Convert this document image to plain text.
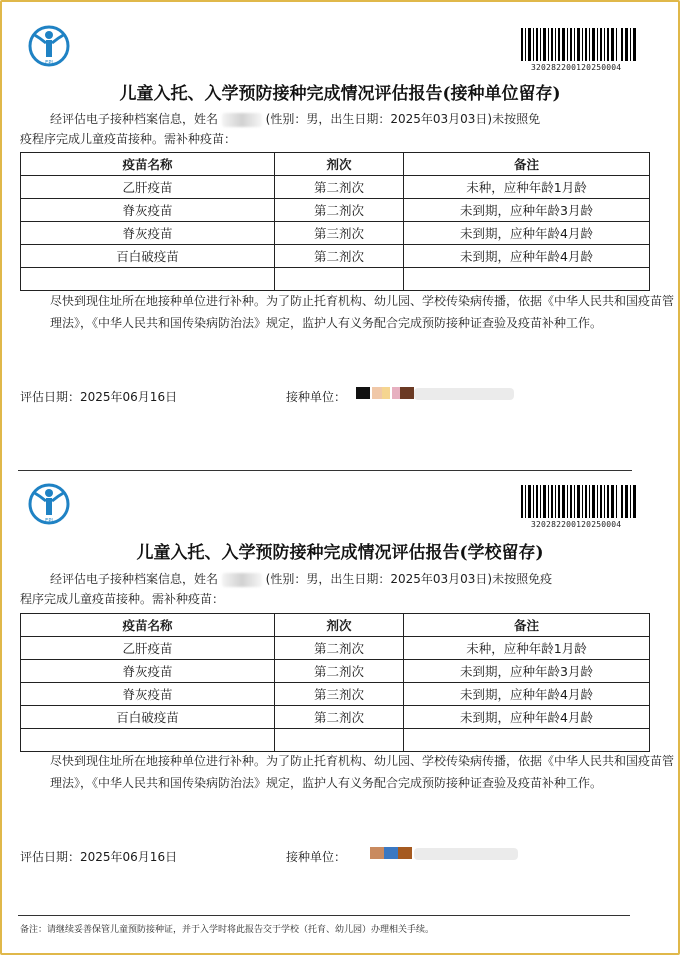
EPI	320282200120250004
儿童入托、入学预防接种完成情况评估报告(接种单位留存)
经评估电子接种档案信息，姓名	(性别：男，出生日期：2025年03月03日)未按照免
疫程序完成儿童疫苗接种。需补种疫苗：
疫苗名称	剂次	备注
乙肝疫苗	第二剂次	未种，应种年龄1月龄
脊灰疫苗	第二剂次	未到期，应种年龄3月龄
脊灰疫苗	第三剂次	未到期，应种年龄4月龄
百白破疫苗	第二剂次	未到期，应种年龄4月龄

尽快到现住址所在地接种单位进行补种。为了防止托育机构、幼儿园、学校传染病传播，依据《中华人民共和国疫苗管理法》，《中华人民共和国传染病防治法》规定，监护人有义务配合完成预防接种证查验及疫苗补种工作。
评估日期：2025年06月16日	接种单位：
EPI	320282200120250004
儿童入托、入学预防接种完成情况评估报告(学校留存)
经评估电子接种档案信息，姓名	(性别：男，出生日期：2025年03月03日)未按照免疫
程序完成儿童疫苗接种。需补种疫苗：
疫苗名称	剂次	备注
乙肝疫苗	第二剂次	未种，应种年龄1月龄
脊灰疫苗	第二剂次	未到期，应种年龄3月龄
脊灰疫苗	第三剂次	未到期，应种年龄4月龄
百白破疫苗	第二剂次	未到期，应种年龄4月龄

尽快到现住址所在地接种单位进行补种。为了防止托育机构、幼儿园、学校传染病传播，依据《中华人民共和国疫苗管理法》，《中华人民共和国传染病防治法》规定，监护人有义务配合完成预防接种证查验及疫苗补种工作。
评估日期：2025年06月16日	接种单位：
备注：请继续妥善保管儿童预防接种证，并于入学时将此报告交于学校（托育、幼儿园）办理相关手续。
